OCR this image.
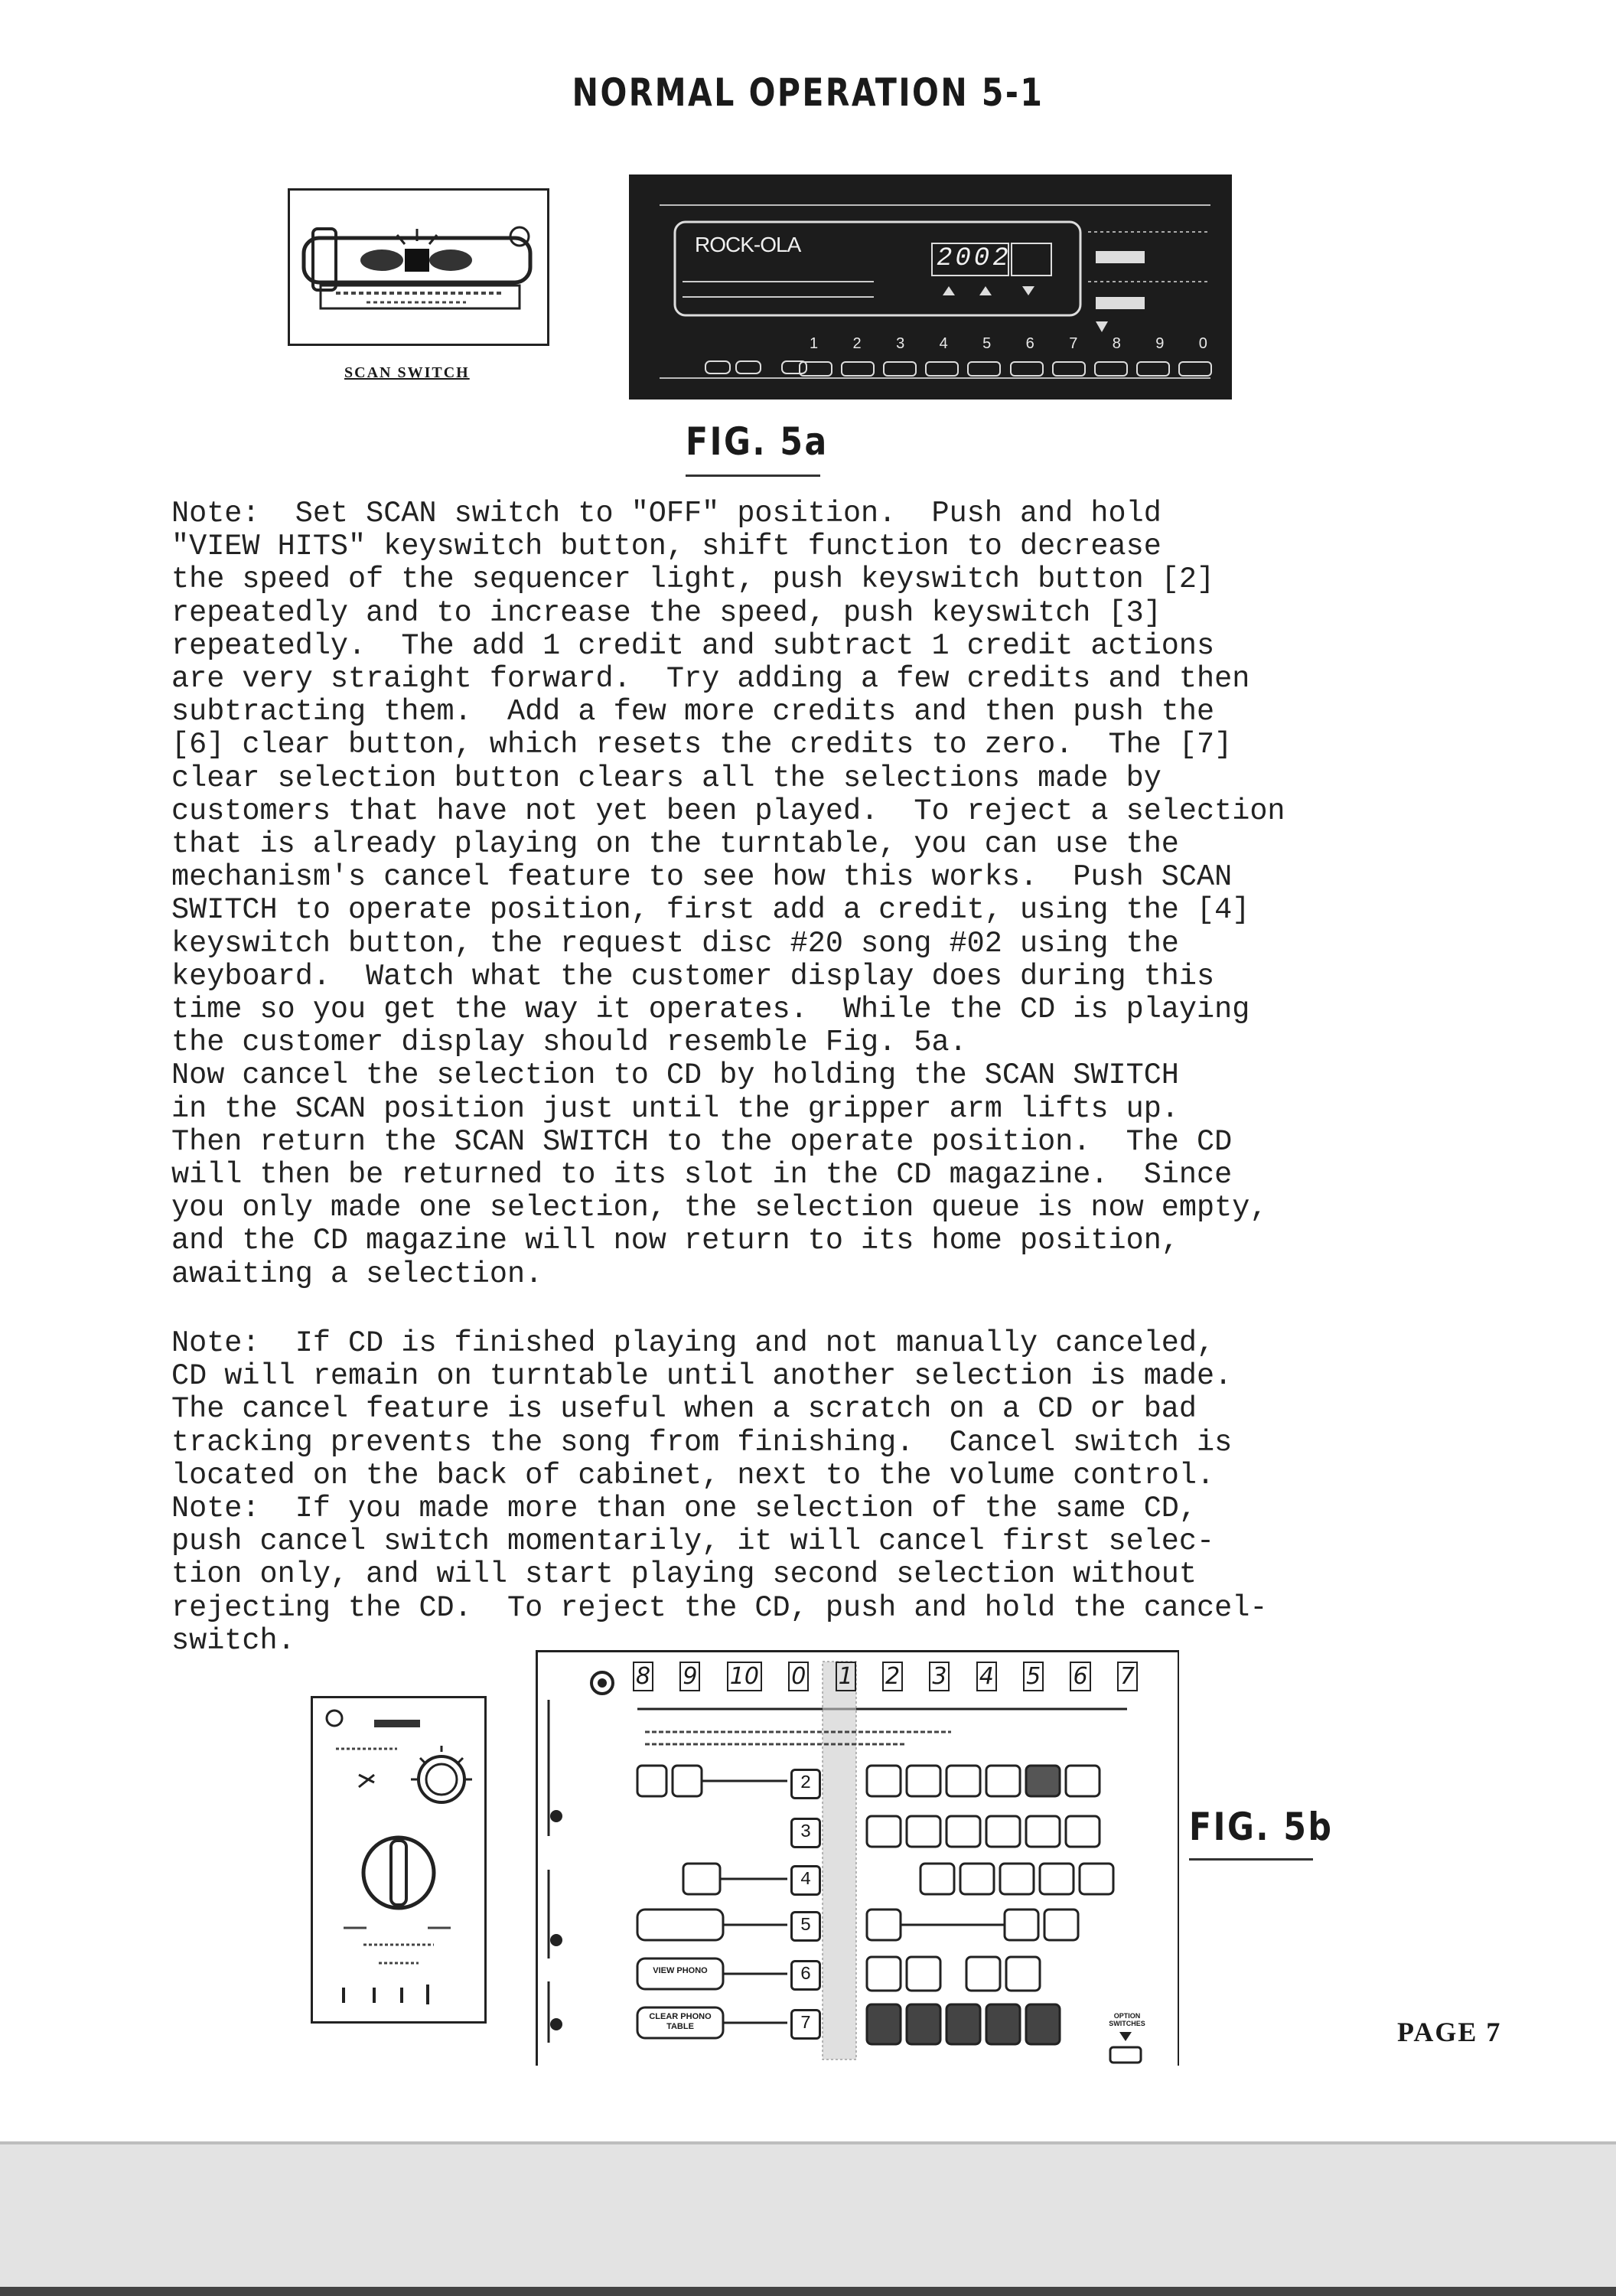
NORMAL OPERATION 5-1
SCAN SWITCH
ROCK-OLA	2002
1 2 3 4 5 6 7 8 9 0
FIG. 5a
Note:  Set SCAN switch to "OFF" position.  Push and hold
"VIEW HITS" keyswitch button, shift function to decrease
the speed of the sequencer light, push keyswitch button [2]
repeatedly and to increase the speed, push keyswitch [3]
repeatedly.  The add 1 credit and subtract 1 credit actions
are very straight forward.  Try adding a few credits and then
subtracting them.  Add a few more credits and then push the
[6] clear button, which resets the credits to zero.  The [7]
clear selection button clears all the selections made by
customers that have not yet been played.  To reject a selection
that is already playing on the turntable, you can use the
mechanism's cancel feature to see how this works.  Push SCAN
SWITCH to operate position, first add a credit, using the [4]
keyswitch button, the request disc #20 song #02 using the
keyboard.  Watch what the customer display does during this
time so you get the way it operates.  While the CD is playing
the customer display should resemble Fig. 5a.
Now cancel the selection to CD by holding the SCAN SWITCH
in the SCAN position just until the gripper arm lifts up.
Then return the SCAN SWITCH to the operate position.  The CD
will then be returned to its slot in the CD magazine.  Since
you only made one selection, the selection queue is now empty,
and the CD magazine will now return to its home position,
awaiting a selection.
Note:  If CD is finished playing and not manually canceled,
CD will remain on turntable until another selection is made.
The cancel feature is useful when a scratch on a CD or bad
tracking prevents the song from finishing.  Cancel switch is
located on the back of cabinet, next to the volume control.
Note:  If you made more than one selection of the same CD,
push cancel switch momentarily, it will cancel first selec-
tion only, and will start playing second selection without
rejecting the CD.  To reject the CD, push and hold the cancel-
switch.
8 9 10 0 1 2 3 4 5 6 7
2
3
4
5
6
7
VIEW PHONO
CLEAR PHONO TABLE
OPTION SWITCHES
FIG. 5b
PAGE 7
